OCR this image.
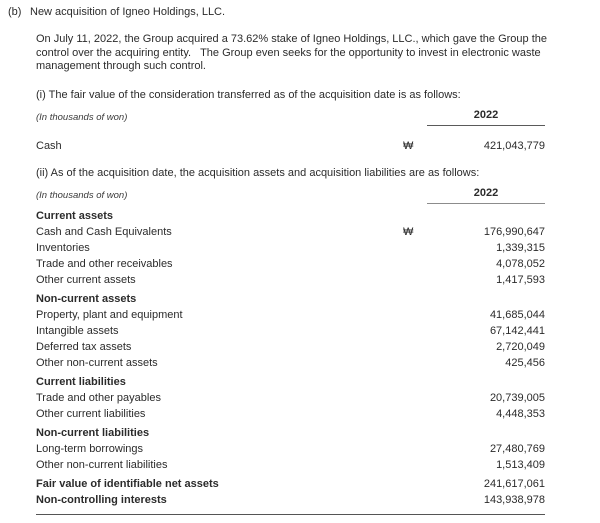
(b) New acquisition of Igneo Holdings, LLC.
On July 11, 2022, the Group acquired a 73.62% stake of Igneo Holdings, LLC., which gave the Group the
control over the acquiring entity.   The Group even seeks for the opportunity to invest in electronic waste
management through such control.
(i) The fair value of the consideration transferred as of the acquisition date is as follows:
(In thousands of won)	2022
Cash	₩	421,043,779
(ii) As of the acquisition date, the acquisition assets and acquisition liabilities are as follows:
(In thousands of won)	2022
Current assets
Cash and Cash Equivalents	₩	176,990,647
Inventories	1,339,315
Trade and other receivables	4,078,052
Other current assets	1,417,593
Non-current assets
Property, plant and equipment	41,685,044
Intangible assets	67,142,441
Deferred tax assets	2,720,049
Other non-current assets	425,456
Current liabilities
Trade and other payables	20,739,005
Other current liabilities	4,448,353
Non-current liabilities
Long-term borrowings	27,480,769
Other non-current liabilities	1,513,409
Fair value of identifiable net assets	241,617,061
Non-controlling interests	143,938,978
